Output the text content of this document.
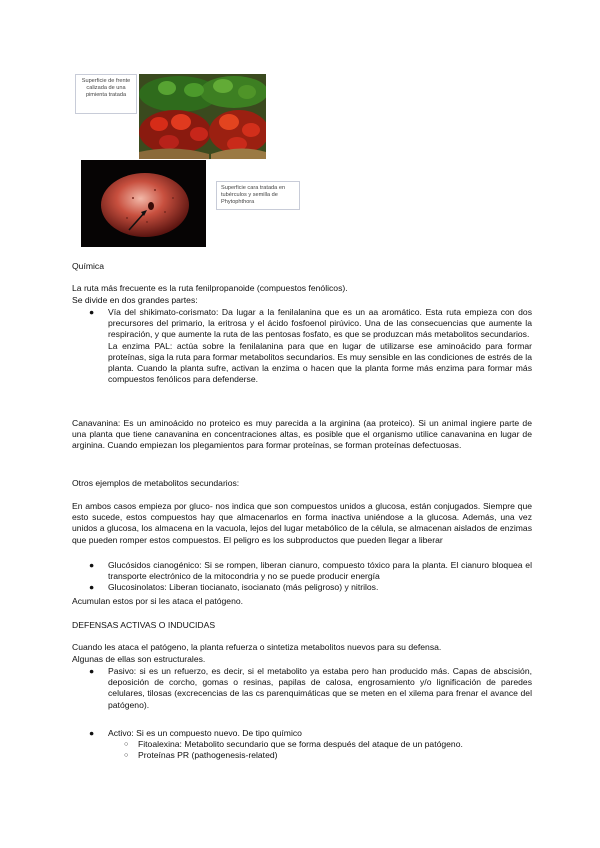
Superficie de frente calizada de una pimienta tratada
Superficie cara tratada en tubérculos y semilla de Phytophthora
Química
La ruta más frecuente es la ruta fenilpropanoide (compuestos fenólicos).
Se divide en dos grandes partes:
● Vía del shikimato-corismato: Da lugar a la fenilalanina que es un aa aromático. Esta ruta empieza con dos precursores del primario, la eritrosa y el ácido fosfoenol pirúvico. Una de las consecuencias que aumente la respiración, y que aumente la ruta de las pentosas fosfato, es que se produzcan más metabolitos secundarios.

La enzima PAL: actúa sobre la fenilalanina para que en lugar de utilizarse ese aminoácido para formar proteínas, siga la ruta para formar metabolitos secundarios. Es muy sensible en las condiciones de estrés de la planta. Cuando la planta sufre, activan la enzima o hacen que la planta forme más enzima para formar más compuestos fenólicos para defenderse.

Canavanina: Es un aminoácido no proteico es muy parecida a la arginina (aa proteico). Si un animal ingiere parte de una planta que tiene canavanina en concentraciones altas, es posible que el organismo utilice canavanina en lugar de arginina. Cuando empiezan los plegamientos para formar proteínas, se forman proteínas defectuosas.
Otros ejemplos de metabolitos secundarios:
En ambos casos empieza por gluco- nos indica que son compuestos unidos a glucosa, están conjugados. Siempre que esto sucede, estos compuestos hay que almacenarlos en forma inactiva uniéndose a la glucosa. Además, una vez unidos a glucosa, los almacena en la vacuola, lejos del lugar metabólico de la célula, se almacenan aislados de enzimas que pueden romper estos compuestos. El peligro es los subproductos que pueden llegar a liberar
● Glucósidos cianogénico: Si se rompen, liberan cianuro, compuesto tóxico para la planta. El cianuro bloquea el transporte electrónico de la mitocondria y no se puede producir energía

● Glucosinolatos: Liberan tiocianato, isocianato (más peligroso) y nitrilos.

Acumulan estos por si les ataca el patógeno.
DEFENSAS ACTIVAS O INDUCIDAS
Cuando les ataca el patógeno, la planta refuerza o sintetiza metabolitos nuevos para su defensa.
Algunas de ellas son estructurales.
● Pasivo: si es un refuerzo, es decir, si el metabolito ya estaba pero han producido más. Capas de abscisión, deposición de corcho, gomas o resinas, papilas de calosa, engrosamiento y/o lignificación de paredes celulares, tilosas (excrecencias de las cs parenquimáticas que se meten en el xilema para frenar el avance del patógeno).

● Activo: Si es un compuesto nuevo. De tipo químico

○ Fitoalexina: Metabolito secundario que se forma después del ataque de un patógeno.

○ Proteínas PR (pathogenesis-related)
